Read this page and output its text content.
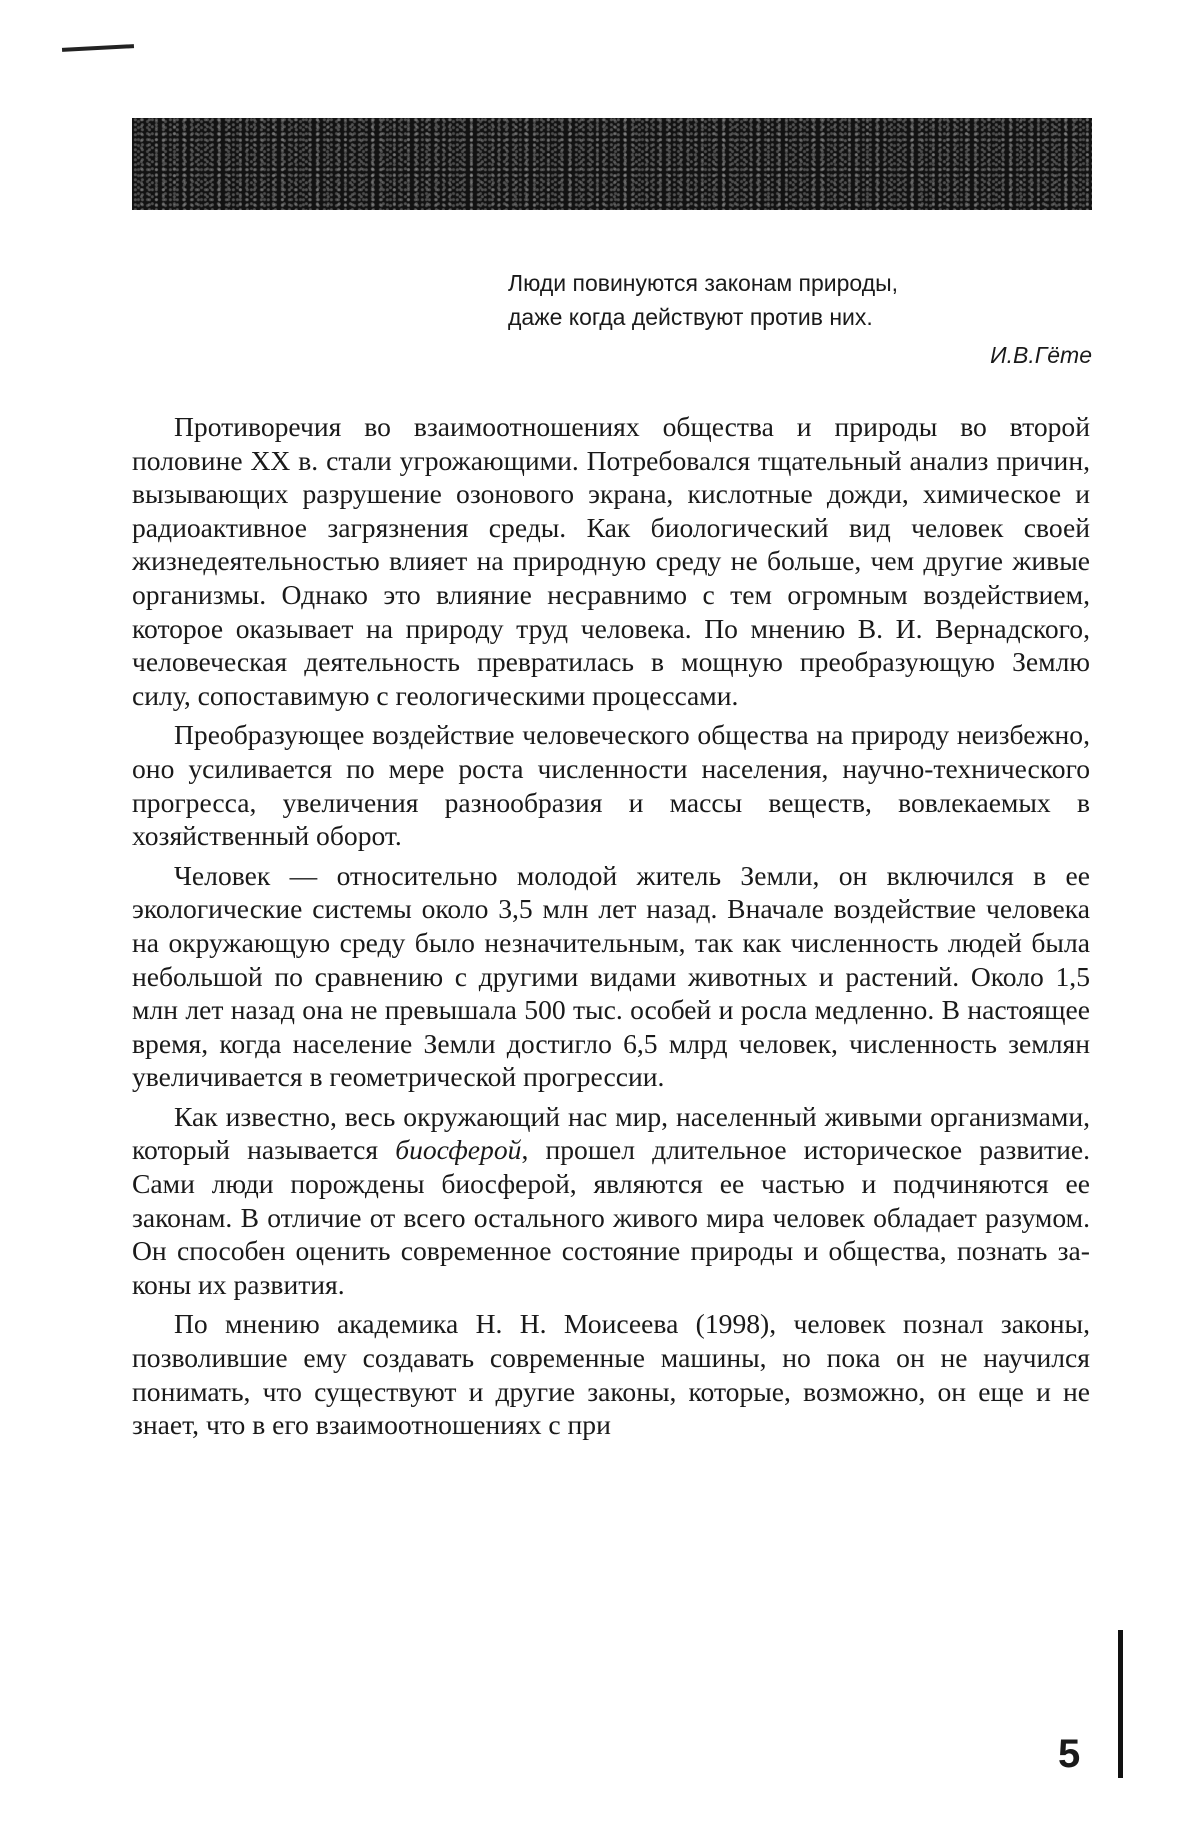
Люди повинуются законам природы,
даже когда действуют против них.
И.В.Гёте

Противоречия во взаимоотношениях общества и природы во второй половине XX в. стали угрожающими. Потребовался тща­тельный анализ причин, вызывающих разрушение озонового экра­на, кислотные дожди, химическое и радиоактивное загрязнения среды. Как биологический вид человек своей жизнедеятельностью влияет на природную среду не больше, чем другие живые организ­мы. Однако это влияние несравнимо с тем огромным воздействием, которое оказывает на природу труд человека. По мнению В. И. Вер­надского, человеческая деятельность превратилась в мощную пре­образующую Землю силу, сопоставимую с геологическими про­цессами.

Преобразующее воздействие человеческого общества на при­роду неизбежно, оно усиливается по мере роста численности на­селения, научно-технического прогресса, увеличения разнообразия и массы веществ, вовлекаемых в хозяйственный оборот.

Человек — относительно молодой житель Земли, он включился в ее экологические системы около 3,5 млн лет назад. Вначале воз­действие человека на окружающую среду было незначительным, так как численность людей была небольшой по сравнению с дру­гими видами животных и растений. Около 1,5 млн лет назад она не превышала 500 тыс. особей и росла медленно. В настоящее время, когда население Земли достигло 6,5 млрд человек, численность землян увеличивается в геометрической прогрессии.

Как известно, весь окружающий нас мир, населенный живыми организмами, который называется биосферой, прошел длительное историческое развитие. Сами люди порождены биосферой, явля­ются ее частью и подчиняются ее законам. В отличие от всего остального живого мира человек обладает разумом. Он способен оценить современное состояние природы и общества, познать за­коны их развития.

По мнению академика Н. Н. Моисеева (1998), человек познал законы, позволившие ему создавать современные машины, но пока он не научился понимать, что существуют и другие законы, которые, возможно, он еще и не знает, что в его взаимоотношениях с при­

5
